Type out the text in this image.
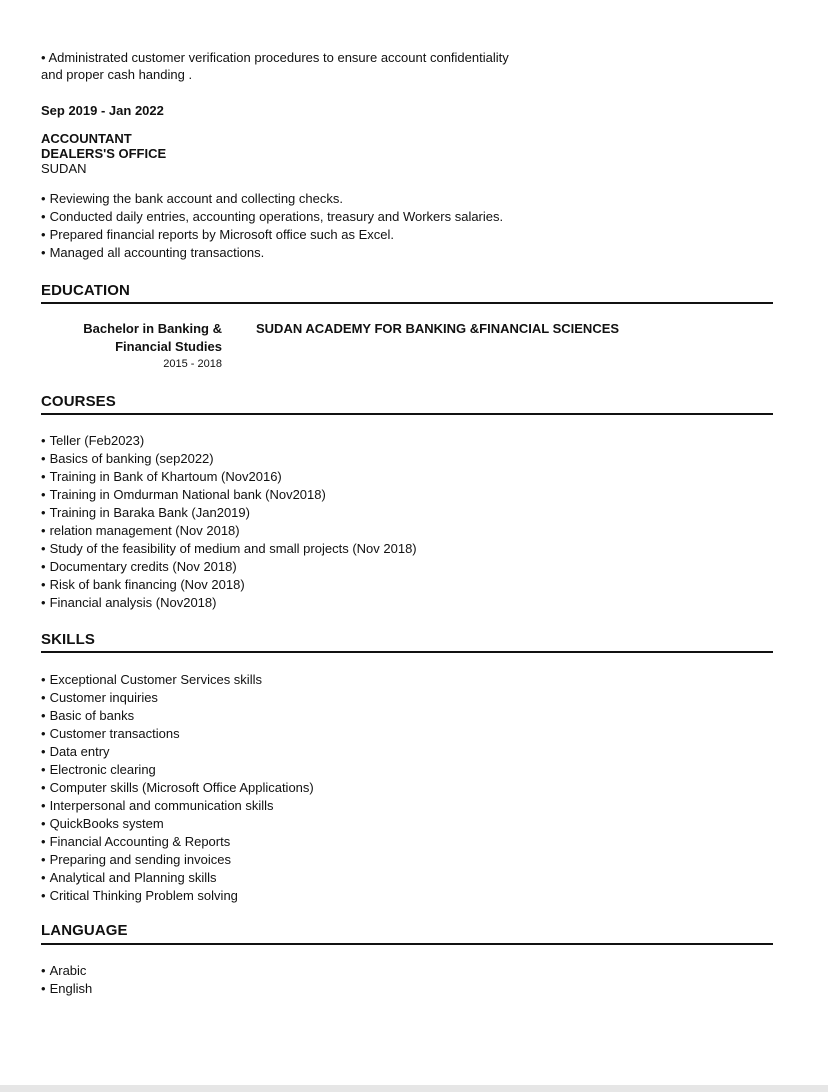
• Administrated customer verification procedures to ensure account confidentiality
and proper cash handing .
Sep 2019 - Jan 2022
ACCOUNTANT
DEALERS'S OFFICE
SUDAN
• Reviewing the bank account and collecting checks.
• Conducted daily entries, accounting operations, treasury and Workers salaries.
• Prepared financial reports by Microsoft office such as Excel.
• Managed all accounting transactions.
EDUCATION
Bachelor in Banking &
Financial Studies
2015 - 2018
SUDAN ACADEMY FOR BANKING &FINANCIAL SCIENCES
COURSES
• Teller (Feb2023)
• Basics of banking (sep2022)
• Training in Bank of Khartoum (Nov2016)
• Training in Omdurman National bank (Nov2018)
• Training in Baraka Bank (Jan2019)
• relation management (Nov 2018)
• Study of the feasibility of medium and small projects (Nov 2018)
• Documentary credits (Nov 2018)
• Risk of bank financing (Nov 2018)
• Financial analysis (Nov2018)
SKILLS
• Exceptional Customer Services skills
• Customer inquiries
• Basic of banks
• Customer transactions
• Data entry
• Electronic clearing
• Computer skills (Microsoft Office Applications)
• Interpersonal and communication skills
• QuickBooks system
• Financial Accounting & Reports
• Preparing and sending invoices
• Analytical and Planning skills
• Critical Thinking Problem solving
LANGUAGE
• Arabic
• English
